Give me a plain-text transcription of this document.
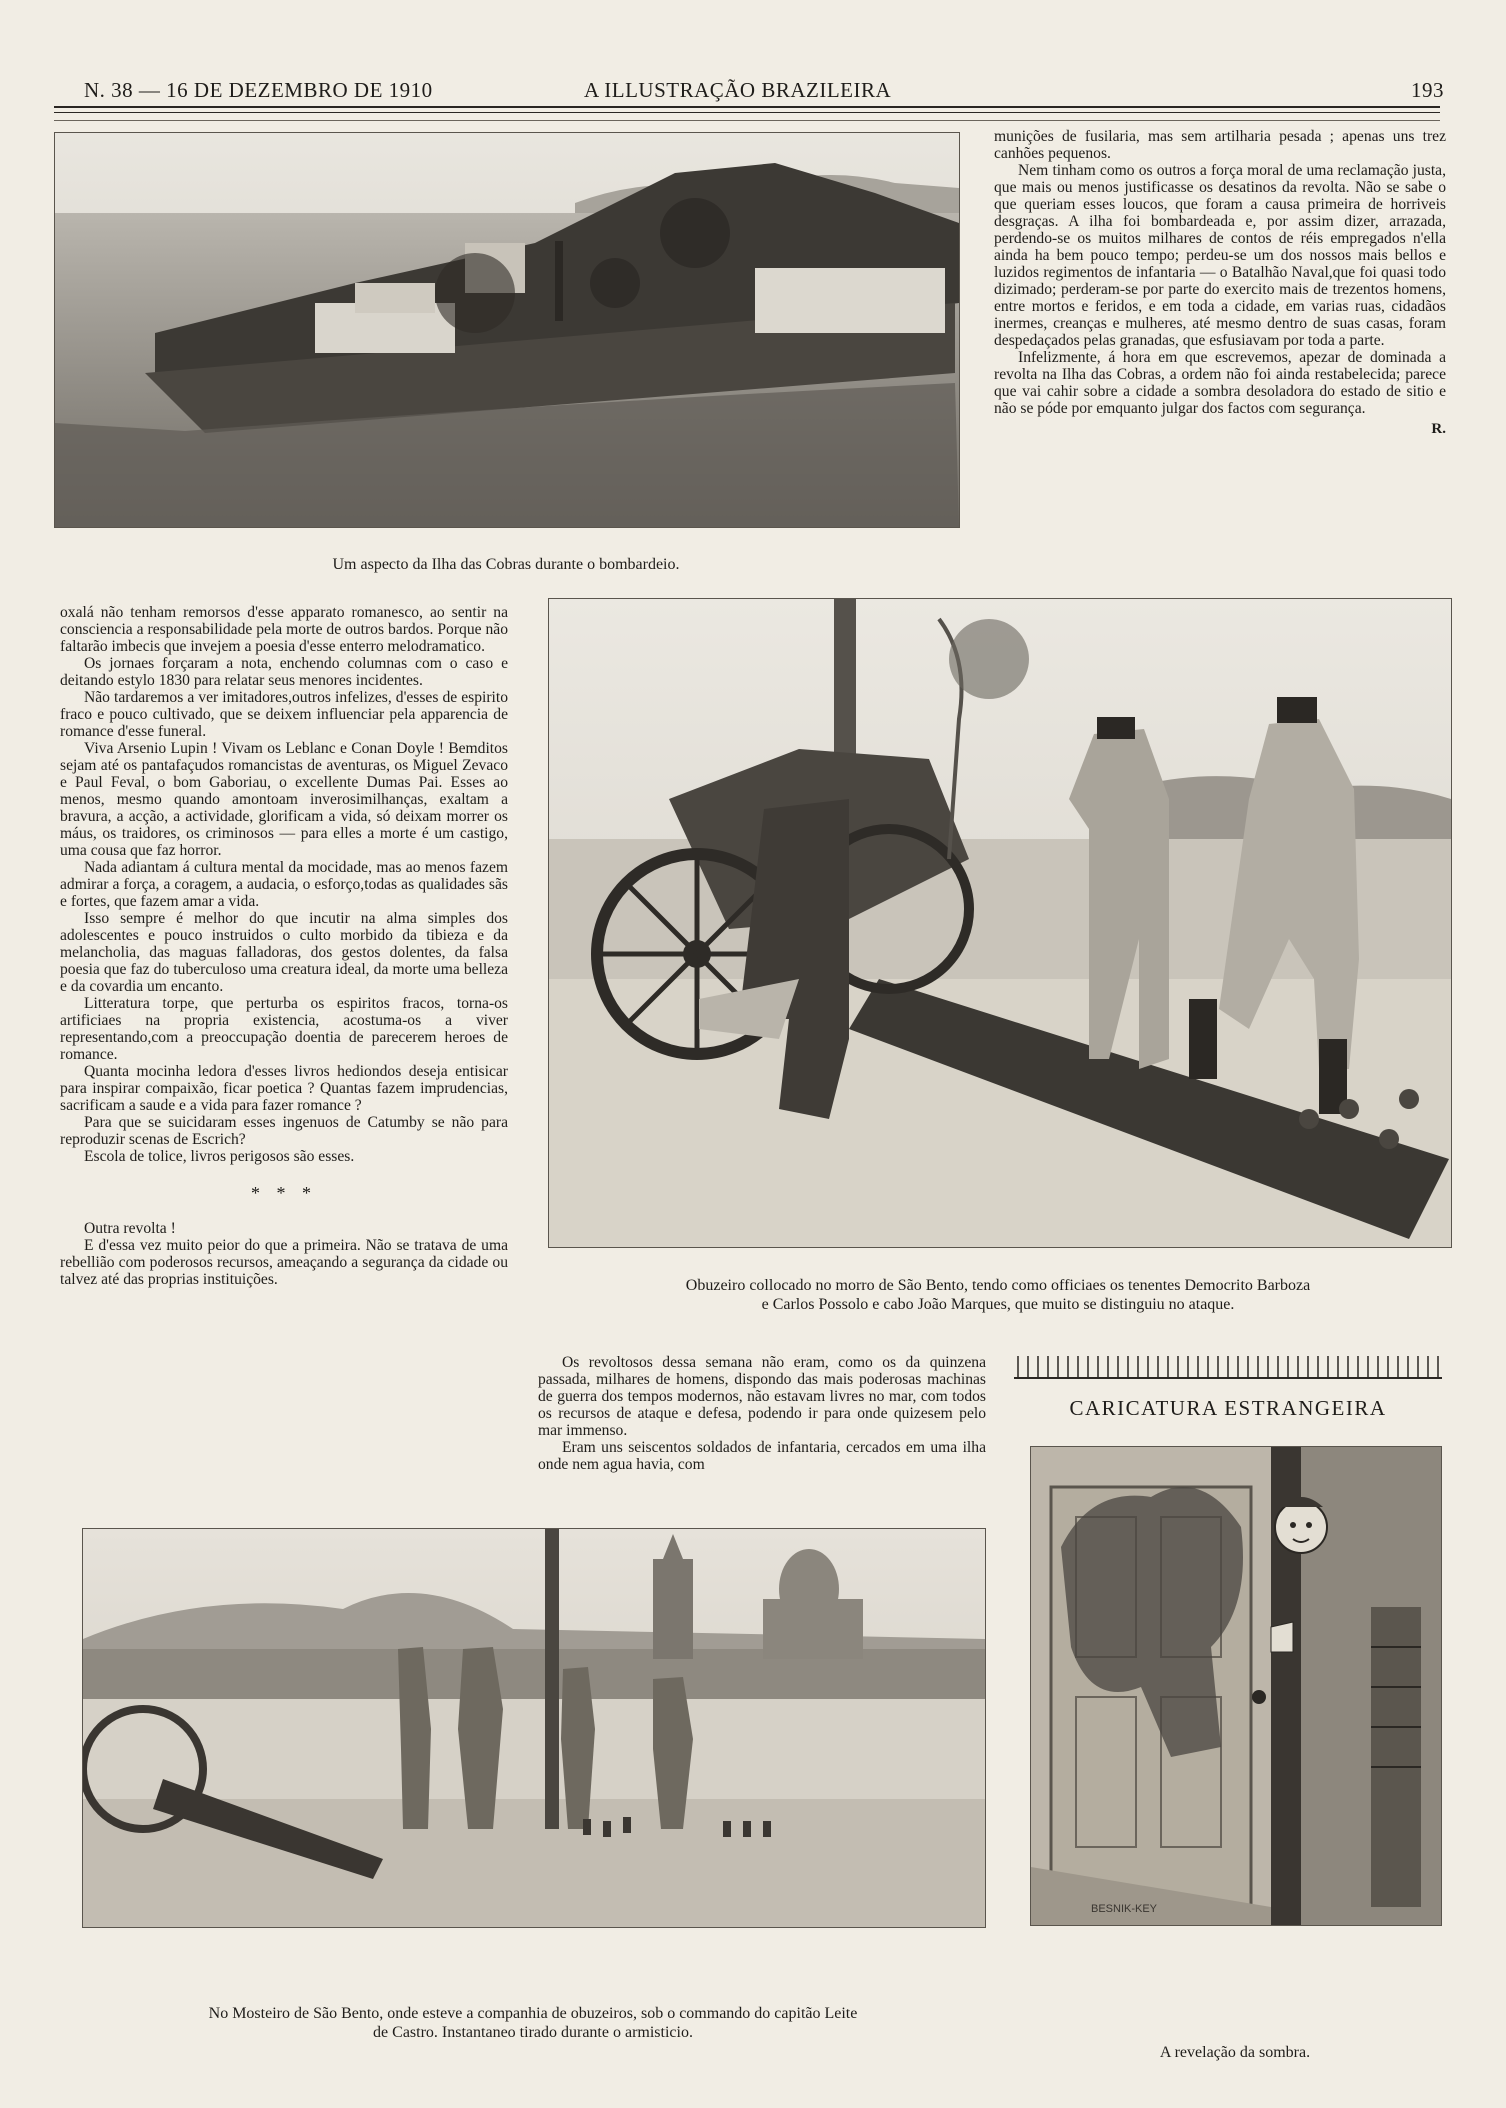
N. 38 — 16 DE DEZEMBRO DE 1910	A ILLUSTRAÇÃO BRAZILEIRA	193
Um aspecto da Ilha das Cobras durante o bombardeio.

munições de fusilaria, mas sem artilharia pesada ; apenas uns trez canhões pequenos.

Nem tinham como os outros a força moral de uma reclamação justa, que mais ou menos justificasse os desatinos da revolta. Não se sabe o que queriam esses loucos, que foram a causa primeira de horriveis desgraças. A ilha foi bombardeada e, por assim dizer, arrazada, perdendo-se os muitos milhares de contos de réis empregados n'ella ainda ha bem pouco tempo; perdeu-se um dos nossos mais bellos e luzidos regimentos de infantaria — o Batalhão Naval,que foi quasi todo dizimado; perderam-se por parte do exercito mais de trezentos homens, entre mortos e feridos, e em toda a cidade, em varias ruas, cidadãos inermes, creanças e mulheres, até mesmo dentro de suas casas, foram despedaçados pelas granadas, que esfusiavam por toda a parte.

Infelizmente, á hora em que escrevemos, apezar de dominada a revolta na Ilha das Cobras, a ordem não foi ainda restabelecida; parece que vai cahir sobre a cidade a sombra desoladora do estado de sitio e não se póde por emquanto julgar dos factos com segurança.

R.

oxalá não tenham remorsos d'esse apparato romanesco, ao sentir na consciencia a responsabilidade pela morte de outros bardos. Porque não faltarão imbecis que invejem a poesia d'esse enterro melodramatico.

Os jornaes forçaram a nota, enchendo columnas com o caso e deitando estylo 1830 para relatar seus menores incidentes.

Não tardaremos a ver imitadores,outros infelizes, d'esses de espirito fraco e pouco cultivado, que se deixem influenciar pela apparencia de romance d'esse funeral.

Viva Arsenio Lupin ! Vivam os Leblanc e Conan Doyle ! Bemditos sejam até os pantafaçudos romancistas de aventuras, os Miguel Zevaco e Paul Feval, o bom Gaboriau, o excellente Dumas Pai. Esses ao menos, mesmo quando amontoam inverosimilhanças, exaltam a bravura, a acção, a actividade, glorificam a vida, só deixam morrer os máus, os traidores, os criminosos — para elles a morte é um castigo, uma cousa que faz horror.

Nada adiantam á cultura mental da mocidade, mas ao menos fazem admirar a força, a coragem, a audacia, o esforço,todas as qualidades sãs e fortes, que fazem amar a vida.

Isso sempre é melhor do que incutir na alma simples dos adolescentes e pouco instruidos o culto morbido da tibieza e da melancholia, das maguas falladoras, dos gestos dolentes, da falsa poesia que faz do tuberculoso uma creatura ideal, da morte uma belleza e da covardia um encanto.

Litteratura torpe, que perturba os espiritos fracos, torna-os artificiaes na propria existencia, acostuma-os a viver representando,com a preoccupação doentia de parecerem heroes de romance.

Quanta mocinha ledora d'esses livros hediondos deseja entisicar para inspirar compaixão, ficar poetica ? Quantas fazem imprudencias, sacrificam a saude e a vida para fazer romance ?

Para que se suicidaram esses ingenuos de Catumby se não para reproduzir scenas de Escrich?

Escola de tolice, livros perigosos são esses.

* * *

Outra revolta !

E d'essa vez muito peior do que a primeira. Não se tratava de uma rebellião com poderosos recursos, ameaçando a segurança da cidade ou talvez até das proprias instituições.	Obuzeiro collocado no morro de São Bento, tendo como officiaes os tenentes Democrito Barboza
e Carlos Possolo e cabo João Marques, que muito se distinguiu no ataque.

Os revoltosos dessa semana não eram, como os da quinzena passada, milhares de homens, dispondo das mais poderosas machinas de guerra dos tempos modernos, não estavam livres no mar, com todos os recursos de ataque e defesa, podendo ir para onde quizesem pelo mar immenso.

Eram uns seiscentos soldados de infantaria, cercados em uma ilha onde nem agua havia, com

CARICATURA ESTRANGEIRA
BESNIK-KEY
A revelação da sombra.
No Mosteiro de São Bento, onde esteve a companhia de obuzeiros, sob o commando do capitão Leite
de Castro. Instantaneo tirado durante o armisticio.
